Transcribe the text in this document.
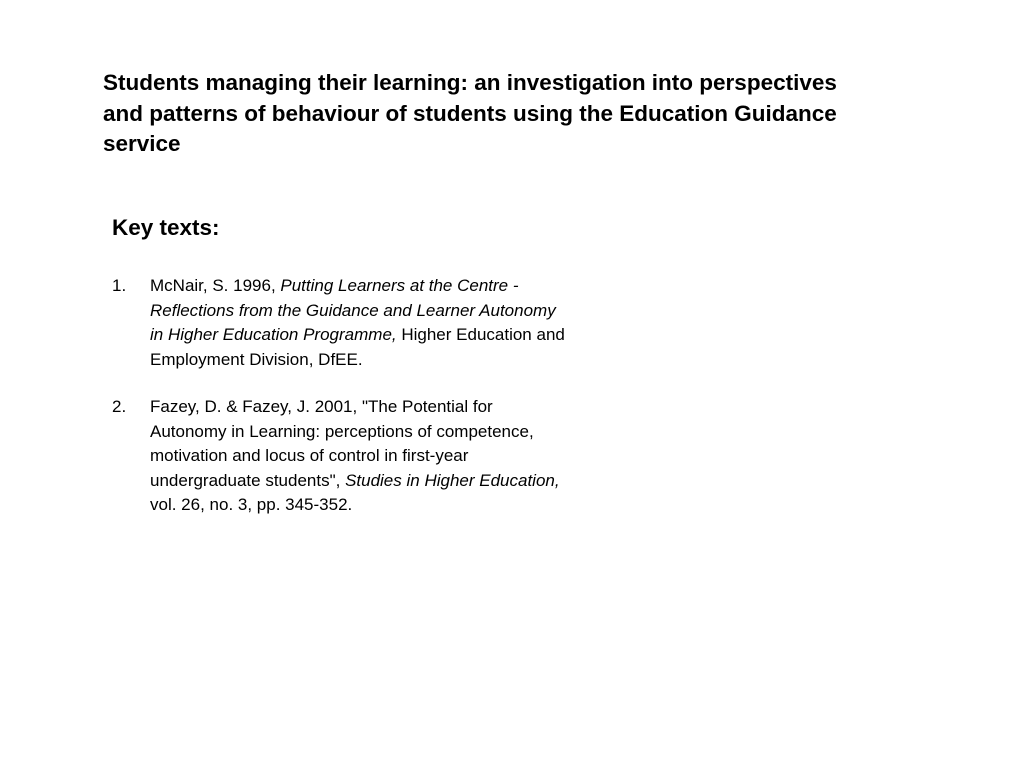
Students managing their learning: an investigation into perspectives and patterns of behaviour of students using the Education Guidance service
Key texts:
1. McNair, S. 1996, Putting Learners at the Centre - Reflections from the Guidance and Learner Autonomy in Higher Education Programme, Higher Education and Employment Division, DfEE.
2. Fazey, D. & Fazey, J. 2001, "The Potential for Autonomy in Learning: perceptions of competence, motivation and locus of control in first-year undergraduate students", Studies in Higher Education, vol. 26, no. 3, pp. 345-352.
